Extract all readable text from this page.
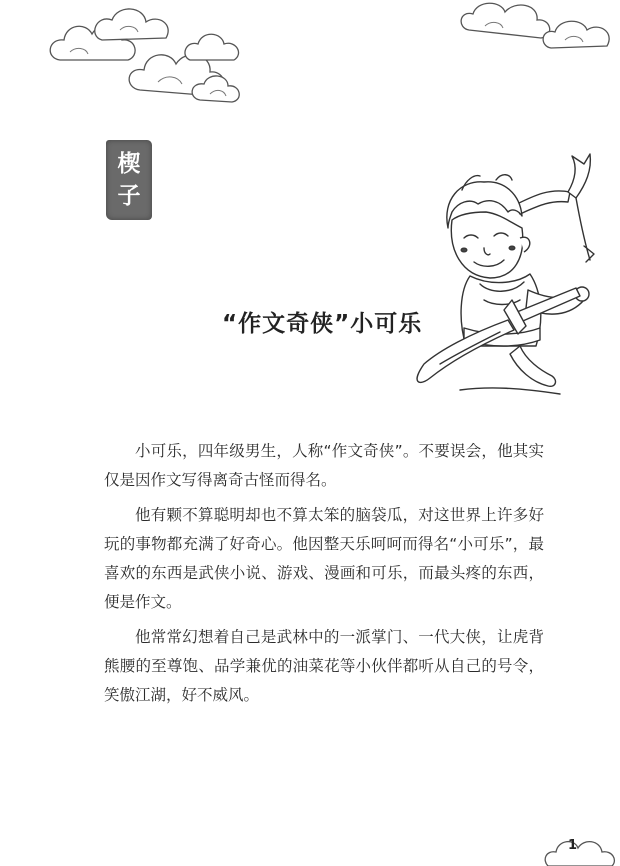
楔
子
“作文奇侠”小可乐

小可乐，四年级男生，人称“作文奇侠”。不要误会，他其实仅是因作文写得离奇古怪而得名。

他有颗不算聪明却也不算太笨的脑袋瓜，对这世界上许多好玩的事物都充满了好奇心。他因整天乐呵呵而得名“小可乐”，最喜欢的东西是武侠小说、游戏、漫画和可乐，而最头疼的东西，便是作文。

他常常幻想着自己是武林中的一派掌门、一代大侠，让虎背熊腰的至尊饱、品学兼优的油菜花等小伙伴都听从自己的号令，笑傲江湖，好不威风。

1
